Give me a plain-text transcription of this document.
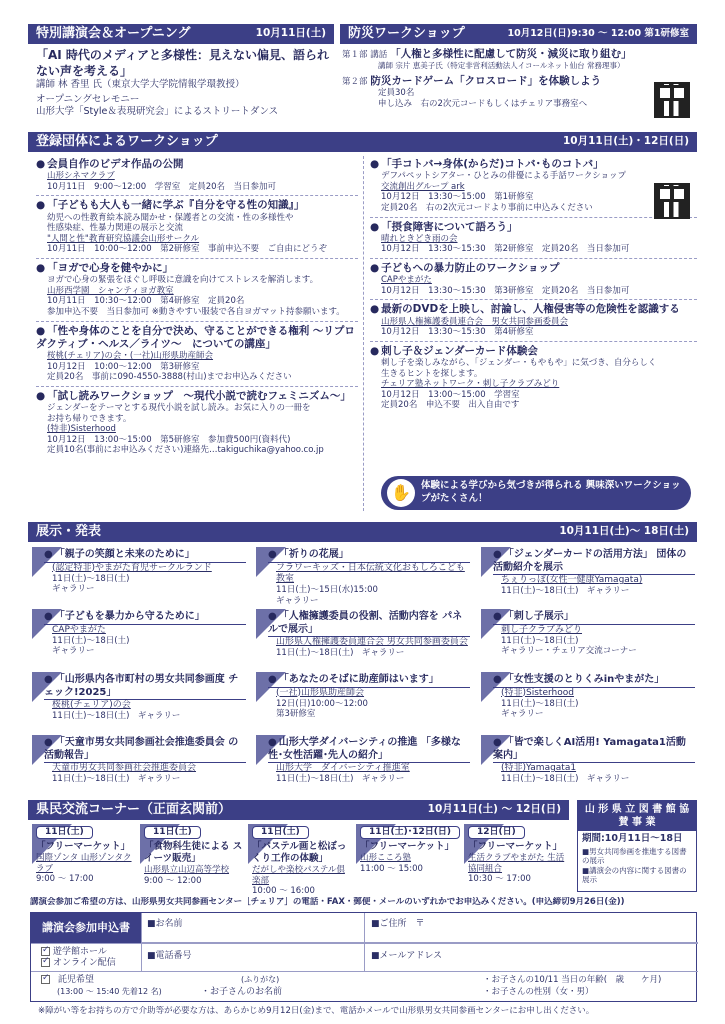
特別講演会＆オープニング	10月11日(土)
「AI 時代のメディアと多様性：見えない偏見、語られない声を考える」
講師 林 香里 氏（東京大学大学院情報学環教授）
オープニングセレモニー
山形大学「Style＆表現研究会」によるストリートダンス
防災ワークショップ	10月12日(日)9:30 ～ 12:00 第1研修室
第１部 講話 「人権と多様性に配慮して防災・減災に取り組む」
講師 宗片 恵美子氏（特定非営利活動法人イコールネット仙台 常務理事）
第２部 防災カードゲーム「クロスロード」を体験しよう
定員30名
申し込み　右の2次元コードもしくはチェリア事務室へ
登録団体によるワークショップ	10月11日(土)・12日(日)
● 会員自作のビデオ作品の公開
山形シネマクラブ
10月11日　9:00～12:00　学習室　定員20名　当日参加可
● 「子どもも大人も一緒に学ぶ『自分を守る性の知識』」
幼児への性教育絵本読み聞かせ・保護者との交流・性の多様性や
性感染症、性暴力関連の展示と交流
"人間と性"教育研究協議会山形サークル
10月11日　10:00～12:00　第2研修室　事前申込不要　ご自由にどうぞ
● 「ヨガで心身を健やかに」
ヨガで心身の緊張をほぐし呼吸に意識を向けてストレスを解消します。
山形西学園　シャンティヨガ教室
10月11日　10:30～12:00　第4研修室　定員20名
参加申込不要　当日参加可 ※動きやすい服装で各自ヨガマット持参願います。
● 「性や身体のことを自分で決め、守ることができる権利 ～リプロダクティブ・ヘルス／ライツ～　についての講座」
桜桃(チェリア)の会・(一社)山形県助産師会
10月12日　10:00～12:00　第3研修室
定員20名　事前に090-4550-3888(村山)までお申込みください
● 「試し読みワークショップ　～現代小説で読むフェミニズム～」
ジェンダーをテーマとする現代小説を試し読み。お気に入りの一冊を
お持ち帰りできます。
(特非)Sisterhood
10月12日　13:00～15:00　第5研修室　参加費500円(資料代)
定員10名(事前にお申込みください)連絡先…takiguchika@yahoo.co.jp
● 「手コトバ→身体(からだ)コトバ･ものコトバ」
デフパペットシアター・ひとみの俳優による手話ワークショップ
交流創出グループ ark
10月12日　13:30～15:00　第1研修室
定員20名　右の2次元コードより事前に申込みください
● 「摂食障害について語ろう」
晴れときどき雨の会
10月12日　13:30～15:30　第2研修室　定員20名　当日参加可
● 子どもへの暴力防止のワークショップ
CAPやまがた
10月12日　13:30～15:30　第3研修室　定員20名　当日参加可
● 最新のDVDを上映し、討論し、人権侵害等の危険性を認識する
山形県人権擁護委員連合会　男女共同参画委員会
10月12日　13:30～15:30　第4研修室
● 刺し子＆ジェンダーカード体験会
刺し子を楽しみながら、「ジェンダー・もやもや」に気づき、自分らしく
生きるヒントを探します。
チェリア塾ネットワーク・刺し子クラブみどり
10月12日　13:00～15:00　学習室
定員20名　申込不要　出入自由です
✋	体験による学びから気づきが得られる 興味深いワークショップがたくさん！
展示・発表	10月11日(土)～ 18日(土)
● 「親子の笑顔と未来のために」
(認定特非)やまがた育児サークルランド
11日(土)～18日(土)
ギャラリー
● 「祈りの花展」
フラワーキッズ・日本伝統文化おもしろこども教室
11日(土)～15日(水)15:00
ギャラリー
● 「ジェンダーカードの活用方法」 団体の活動紹介を展示
ちぇりっぽ(女性一健康Yamagata)
11日(土)～18日(土)　ギャラリー
● 「子どもを暴力から守るために」
CAPやまがた
11日(土)～18日(土)
ギャラリー
● 「人権擁護委員の役割、活動内容を パネルで展示」
山形県人権擁護委員連合会 男女共同参画委員会
11日(土)～18日(土)　ギャラリー
● 「刺し子展示」
刺し子クラブみどり
11日(土)～18日(土)
ギャラリー・チェリア交流コーナー
● 「山形県内各市町村の男女共同参画度 チェック!2025」
桜桃(チェリア)の会
11日(土)～18日(土)　ギャラリー
● 「あなたのそばに助産師はいます」
(一社)山形県助産師会
12日(日)10:00～12:00
第3研修室
● 「女性支援のとりくみinやまがた」
(特非)Sisterhood
11日(土)～18日(土)
ギャラリー
● 「天童市男女共同参画社会推進委員会 の活動報告」
天童市男女共同参画社会推進委員会
11日(土)～18日(土)　ギャラリー
● 山形大学ダイバーシティの推進 「多様な性･女性活躍･先人の紹介」
山形大学　ダイバーシティ推進室
11日(土)～18日(土)　ギャラリー
● 「皆で楽しくAI活用! Yamagata1活動案内」
(特非)Yamagata1
11日(土)～18日(土)　ギャラリー
県民交流コーナー（正面玄関前）	10月11日(土) ～ 12日(日)
11日(土)
「フリーマーケット」
国際ゾンタ 山形ゾンタクラブ
9:00 ～ 17:00
11日(土)
「食物科生徒による スイーツ販売」
山形県立山辺高等学校
9:00 ～ 12:00
11日(土)
「パステル画と松ぼっ くり工作の体験」
だがしや楽校パステル倶楽部
10:00 ～ 16:00
11日(土)･12日(日)
「フリーマーケット」
山形こころ塾
11:00 ～ 15:00
12日(日)
「フリーマーケット」
生活クラブやまがた 生活協同組合
10:30 ～ 17:00
山 形 県 立 図 書 館 協 賛 事 業
期間:10月11日～18日
■男女共同参画を推進する図書の展示
■講演会の内容に関する図書の展示
講演会参加ご希望の方は、山形県男女共同参画センター［チェリア］の電話・FAX・郵便・メールのいずれかでお申込みください。(申込締切9月26日(金))
講演会参加申込書	■お名前	■ご住所　〒
✓遊学館ホール
✓オンライン配信
■電話番号	■メールアドレス
✓託児希望
(13:00 ～ 15:40 先着12 名)
(ふりがな)
・お子さんのお名前
・お子さんの10/11 当日の年齢(　歳　　ケ月)
・お子さんの性別（女・男）
※障がい等をお持ちの方で介助等が必要な方は、あらかじめ9月12日(金)まで、電話かメールで山形県男女共同参画センターにお申し出ください。
